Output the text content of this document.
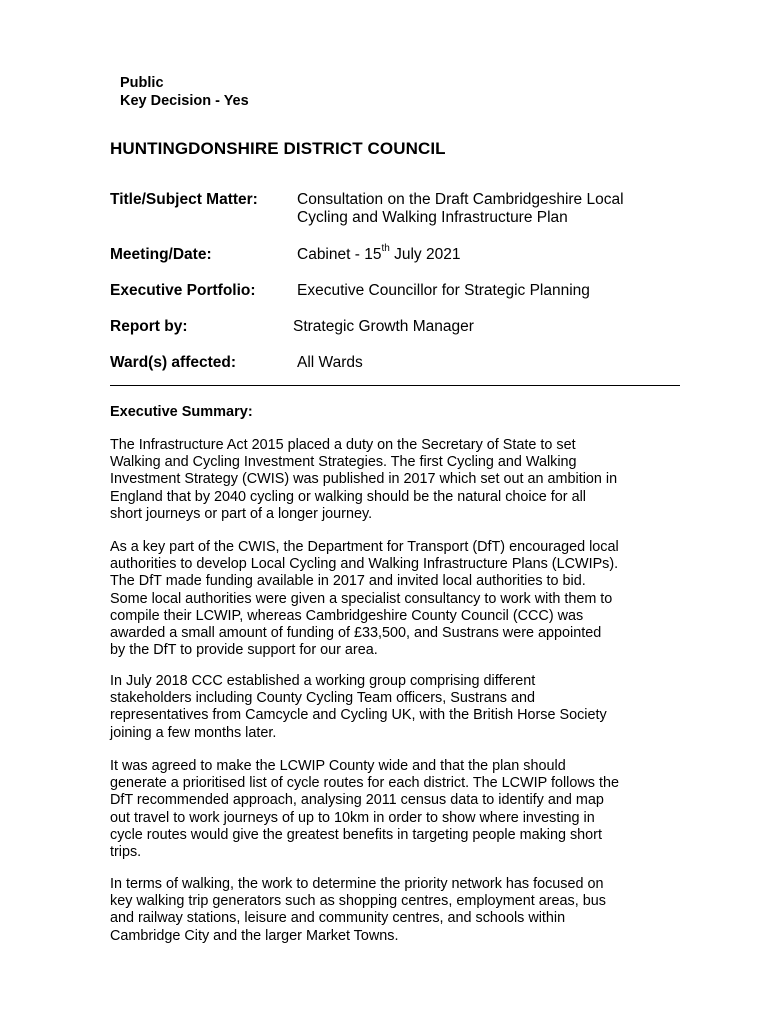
Public
Key Decision - Yes
HUNTINGDONSHIRE DISTRICT COUNCIL
Title/Subject Matter:	Consultation on the Draft Cambridgeshire Local
Cycling and Walking Infrastructure Plan
Meeting/Date:	Cabinet - 15th July 2021
Executive Portfolio:	Executive Councillor for Strategic Planning
Report by:	Strategic Growth Manager
Ward(s) affected:	All Wards
Executive Summary:
The Infrastructure Act 2015 placed a duty on the Secretary of State to set
Walking and Cycling Investment Strategies. The first Cycling and Walking
Investment Strategy (CWIS) was published in 2017 which set out an ambition in
England that by 2040 cycling or walking should be the natural choice for all
short journeys or part of a longer journey.
As a key part of the CWIS, the Department for Transport (DfT) encouraged local
authorities to develop Local Cycling and Walking Infrastructure Plans (LCWIPs).
The DfT made funding available in 2017 and invited local authorities to bid.
Some local authorities were given a specialist consultancy to work with them to
compile their LCWIP, whereas Cambridgeshire County Council (CCC) was
awarded a small amount of funding of £33,500, and Sustrans were appointed
by the DfT to provide support for our area.
In July 2018 CCC established a working group comprising different
stakeholders including County Cycling Team officers, Sustrans and
representatives from Camcycle and Cycling UK, with the British Horse Society
joining a few months later.
It was agreed to make the LCWIP County wide and that the plan should
generate a prioritised list of cycle routes for each district. The LCWIP follows the
DfT recommended approach, analysing 2011 census data to identify and map
out travel to work journeys of up to 10km in order to show where investing in
cycle routes would give the greatest benefits in targeting people making short
trips.
In terms of walking, the work to determine the priority network has focused on
key walking trip generators such as shopping centres, employment areas, bus
and railway stations, leisure and community centres, and schools within
Cambridge City and the larger Market Towns.
